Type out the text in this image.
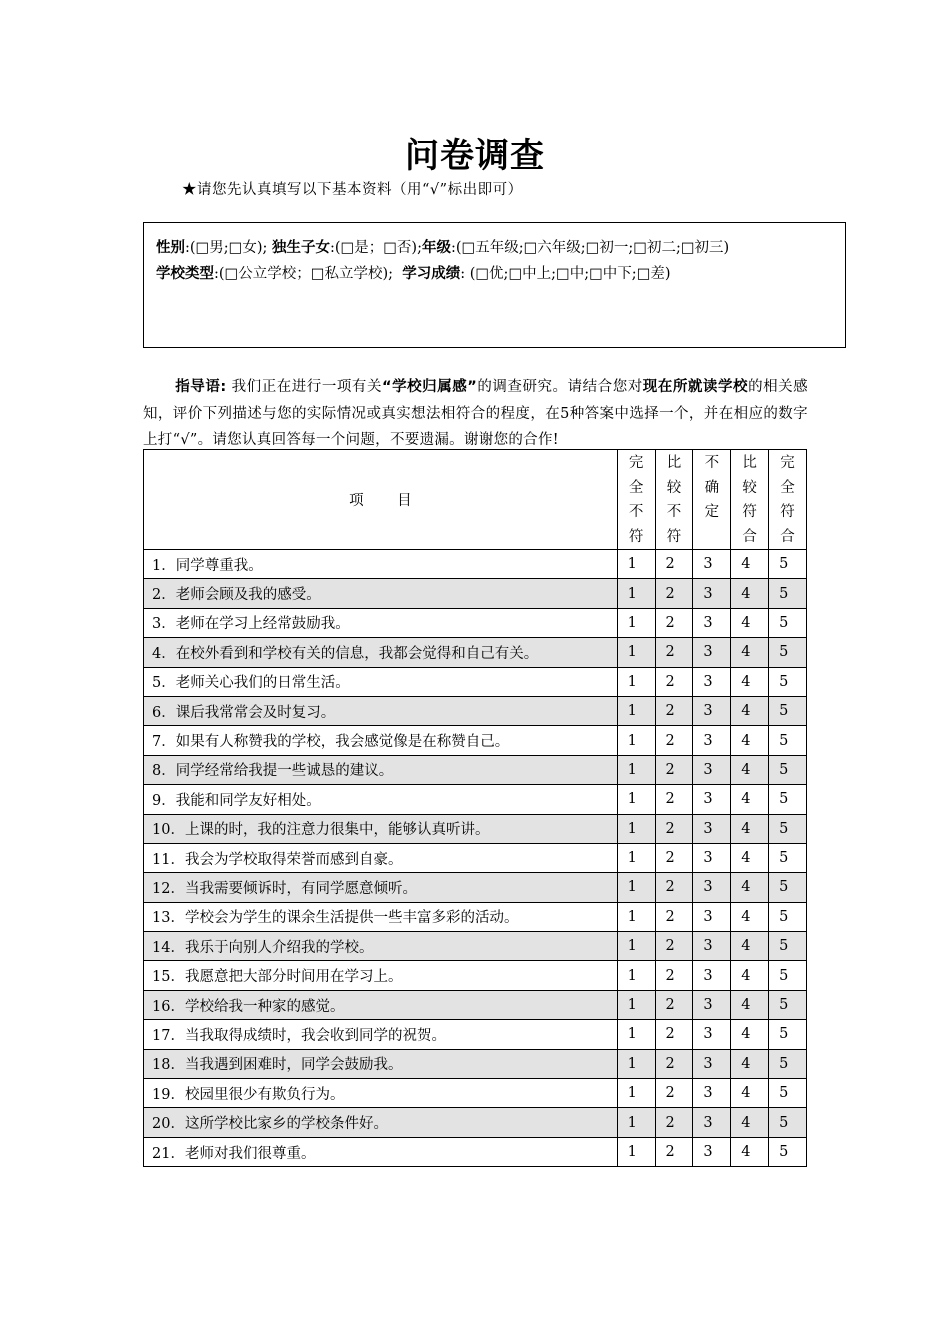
问卷调查
★请您先认真填写以下基本资料（用“√”标出即可）
性别:(□男;□女); 独生子女:(□是；□否);年级:(□五年级;□六年级;□初一;□初二;□初三)
学校类型:(□公立学校；□私立学校); 学习成绩: (□优;□中上;□中;□中下;□差)
指导语: 我们正在进行一项有关“学校归属感”的调查研究。请结合您对现在所就读学校的相关感知，评价下列描述与您的实际情况或真实想法相符合的程度，在5种答案中选择一个，并在相应的数字上打“√”。请您认真回答每一个问题，不要遗漏。谢谢您的合作!
项 目	完
全
不
符	比
较
不
符	不
确
定	比
较
符
合	完
全
符
合
1．同学尊重我。	1	2	3	4	5
2．老师会顾及我的感受。	1	2	3	4	5
3．老师在学习上经常鼓励我。	1	2	3	4	5
4．在校外看到和学校有关的信息，我都会觉得和自己有关。	1	2	3	4	5
5．老师关心我们的日常生活。	1	2	3	4	5
6．课后我常常会及时复习。	1	2	3	4	5
7．如果有人称赞我的学校，我会感觉像是在称赞自己。	1	2	3	4	5
8．同学经常给我提一些诚恳的建议。	1	2	3	4	5
9．我能和同学友好相处。	1	2	3	4	5
10．上课的时，我的注意力很集中，能够认真听讲。	1	2	3	4	5
11．我会为学校取得荣誉而感到自豪。	1	2	3	4	5
12．当我需要倾诉时，有同学愿意倾听。	1	2	3	4	5
13．学校会为学生的课余生活提供一些丰富多彩的活动。	1	2	3	4	5
14．我乐于向别人介绍我的学校。	1	2	3	4	5
15．我愿意把大部分时间用在学习上。	1	2	3	4	5
16．学校给我一种家的感觉。	1	2	3	4	5
17．当我取得成绩时，我会收到同学的祝贺。	1	2	3	4	5
18．当我遇到困难时，同学会鼓励我。	1	2	3	4	5
19．校园里很少有欺负行为。	1	2	3	4	5
20．这所学校比家乡的学校条件好。	1	2	3	4	5
21．老师对我们很尊重。	1	2	3	4	5
